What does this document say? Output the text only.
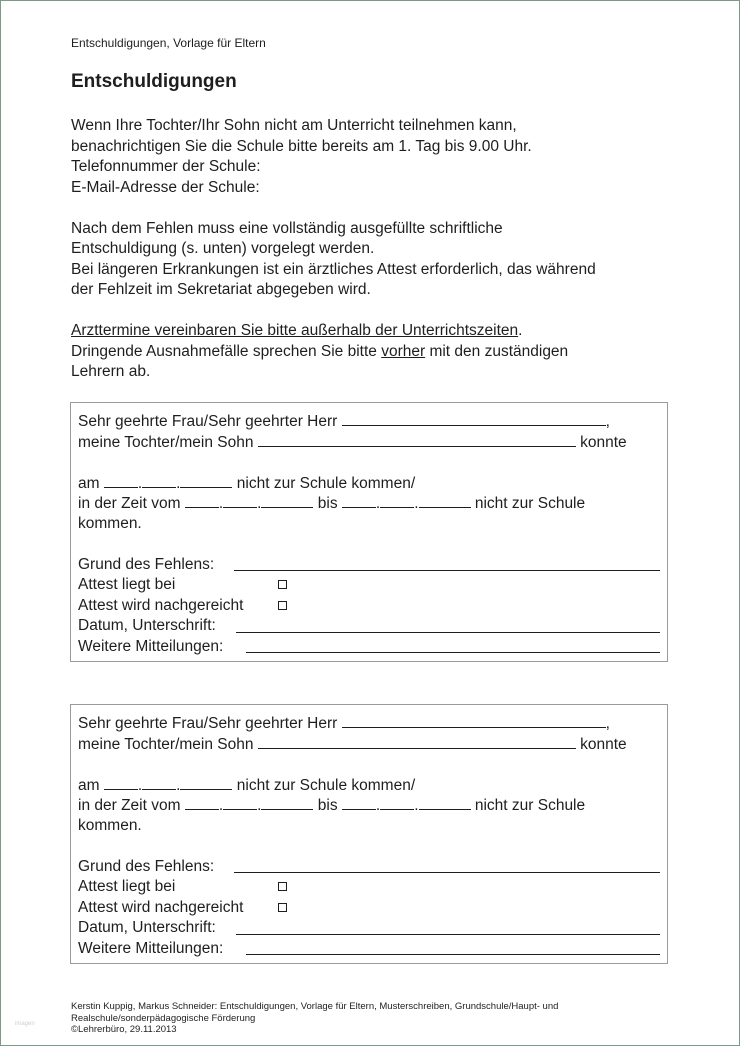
Entschuldigungen, Vorlage für Eltern
Entschuldigungen

Wenn Ihre Tochter/Ihr Sohn nicht am Unterricht teilnehmen kann,

benachrichtigen Sie die Schule bitte bereits am 1. Tag bis 9.00 Uhr.

Telefonnummer der Schule:

E-Mail-Adresse der Schule:

Nach dem Fehlen muss eine vollständig ausgefüllte schriftliche

Entschuldigung (s. unten) vorgelegt werden.

Bei längeren Erkrankungen ist ein ärztliches Attest erforderlich, das während

der Fehlzeit im Sekretariat abgegeben wird.

Arzttermine vereinbaren Sie bitte außerhalb der Unterrichtszeiten.

Dringende Ausnahmefälle sprechen Sie bitte vorher mit den zuständigen

Lehrern ab.

Sehr geehrte Frau/Sehr geehrter Herr	,
meine Tochter/mein Sohn	konnte
am . .	nicht zur Schule kommen/
in der Zeit vom . .	bis . .	nicht zur Schule
kommen.
Grund des Fehlens:
Attest liegt bei
Attest wird nachgereicht
Datum, Unterschrift:
Weitere Mitteilungen:
Sehr geehrte Frau/Sehr geehrter Herr	,
meine Tochter/mein Sohn	konnte
am . .	nicht zur Schule kommen/
in der Zeit vom . .	bis . .	nicht zur Schule
kommen.
Grund des Fehlens:
Attest liegt bei
Attest wird nachgereicht
Datum, Unterschrift:
Weitere Mitteilungen:
Kerstin Kuppig, Markus Schneider: Entschuldigungen, Vorlage für Eltern, Musterschreiben, Grundschule/Haupt- und
Realschule/sonderpädagogische Förderung
©Lehrerbüro, 29.11.2013
imagen
